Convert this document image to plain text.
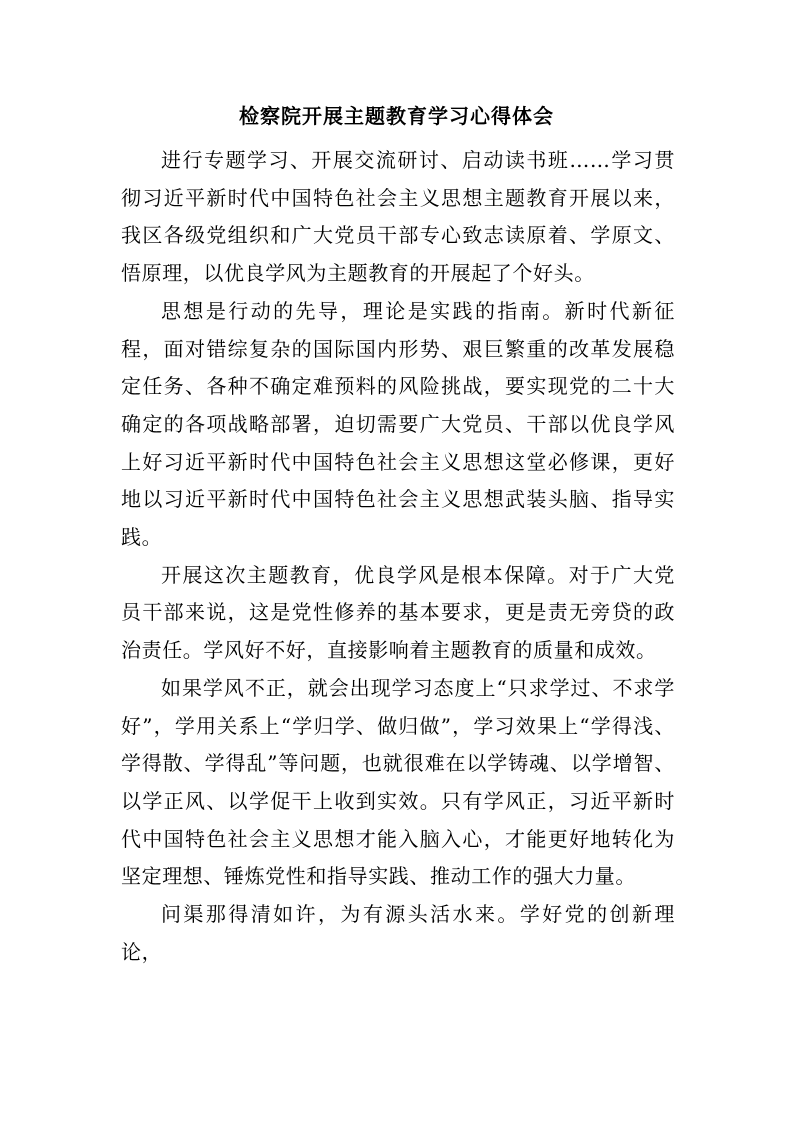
检察院开展主题教育学习心得体会

进行专题学习、开展交流研讨、启动读书班……学习贯彻习近平新时代中国特色社会主义思想主题教育开展以来，我区各级党组织和广大党员干部专心致志读原着、学原文、悟原理，以优良学风为主题教育的开展起了个好头。

思想是行动的先导，理论是实践的指南。新时代新征程，面对错综复杂的国际国内形势、艰巨繁重的改革发展稳定任务、各种不确定难预料的风险挑战，要实现党的二十大确定的各项战略部署，迫切需要广大党员、干部以优良学风上好习近平新时代中国特色社会主义思想这堂必修课，更好地以习近平新时代中国特色社会主义思想武装头脑、指导实践。

开展这次主题教育，优良学风是根本保障。对于广大党员干部来说，这是党性修养的基本要求，更是责无旁贷的政治责任。学风好不好，直接影响着主题教育的质量和成效。

如果学风不正，就会出现学习态度上“只求学过、不求学好”，学用关系上“学归学、做归做”，学习效果上“学得浅、学得散、学得乱”等问题，也就很难在以学铸魂、以学增智、以学正风、以学促干上收到实效。只有学风正，习近平新时代中国特色社会主义思想才能入脑入心，才能更好地转化为坚定理想、锤炼党性和指导实践、推动工作的强大力量。

问渠那得清如许，为有源头活水来。学好党的创新理论，
